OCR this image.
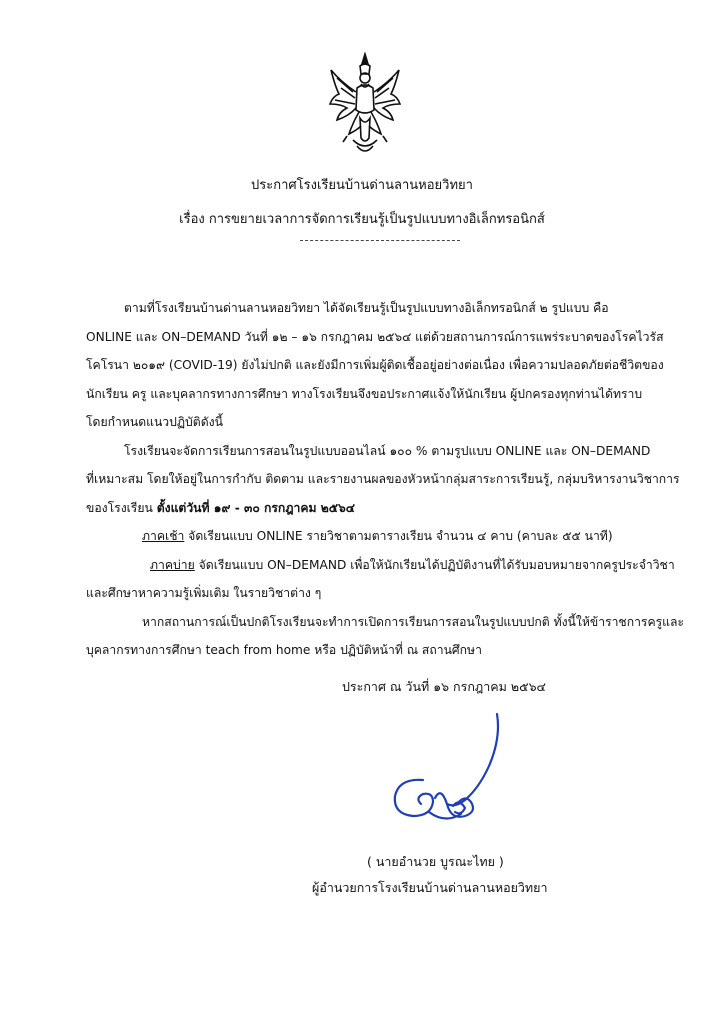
ประกาศโรงเรียนบ้านด่านลานหอยวิทยา
เรื่อง การขยายเวลาการจัดการเรียนรู้เป็นรูปแบบทางอิเล็กทรอนิกส์
ตามที่โรงเรียนบ้านด่านลานหอยวิทยา ได้จัดเรียนรู้เป็นรูปแบบทางอิเล็กทรอนิกส์ ๒ รูปแบบ คือ
ONLINE และ ON–DEMAND วันที่ ๑๒ – ๑๖ กรกฎาคม ๒๕๖๔ แต่ด้วยสถานการณ์การแพร่ระบาดของโรคไวรัส
โคโรนา ๒๐๑๙ (COVID-19) ยังไม่ปกติ และยังมีการเพิ่มผู้ติดเชื้ออยู่อย่างต่อเนื่อง เพื่อความปลอดภัยต่อชีวิตของ
นักเรียน ครู และบุคลากรทางการศึกษา ทางโรงเรียนจึงขอประกาศแจ้งให้นักเรียน ผู้ปกครองทุกท่านได้ทราบ
โดยกำหนดแนวปฏิบัติดังนี้
โรงเรียนจะจัดการเรียนการสอนในรูปแบบออนไลน์ ๑๐๐ % ตามรูปแบบ ONLINE และ ON–DEMAND
ที่เหมาะสม โดยให้อยู่ในการกำกับ ติดตาม และรายงานผลของหัวหน้ากลุ่มสาระการเรียนรู้, กลุ่มบริหารงานวิชาการ
ของโรงเรียน ตั้งแต่วันที่ ๑๙ - ๓๐ กรกฎาคม ๒๕๖๔
ภาคเช้า จัดเรียนแบบ ONLINE รายวิชาตามตารางเรียน จำนวน ๔ คาบ (คาบละ ๕๕ นาที)
ภาคบ่าย จัดเรียนแบบ ON–DEMAND เพื่อให้นักเรียนได้ปฏิบัติงานที่ได้รับมอบหมายจากครูประจำวิชา
และศึกษาหาความรู้เพิ่มเติม ในรายวิชาต่าง ๆ
หากสถานการณ์เป็นปกติโรงเรียนจะทำการเปิดการเรียนการสอนในรูปแบบปกติ ทั้งนี้ให้ข้าราชการครูและ
บุคลากรทางการศึกษา teach from home หรือ ปฏิบัติหน้าที่ ณ สถานศึกษา
ประกาศ ณ วันที่ ๑๖ กรกฎาคม ๒๕๖๔
( นายอำนวย บูรณะไทย )
ผู้อำนวยการโรงเรียนบ้านด่านลานหอยวิทยา
